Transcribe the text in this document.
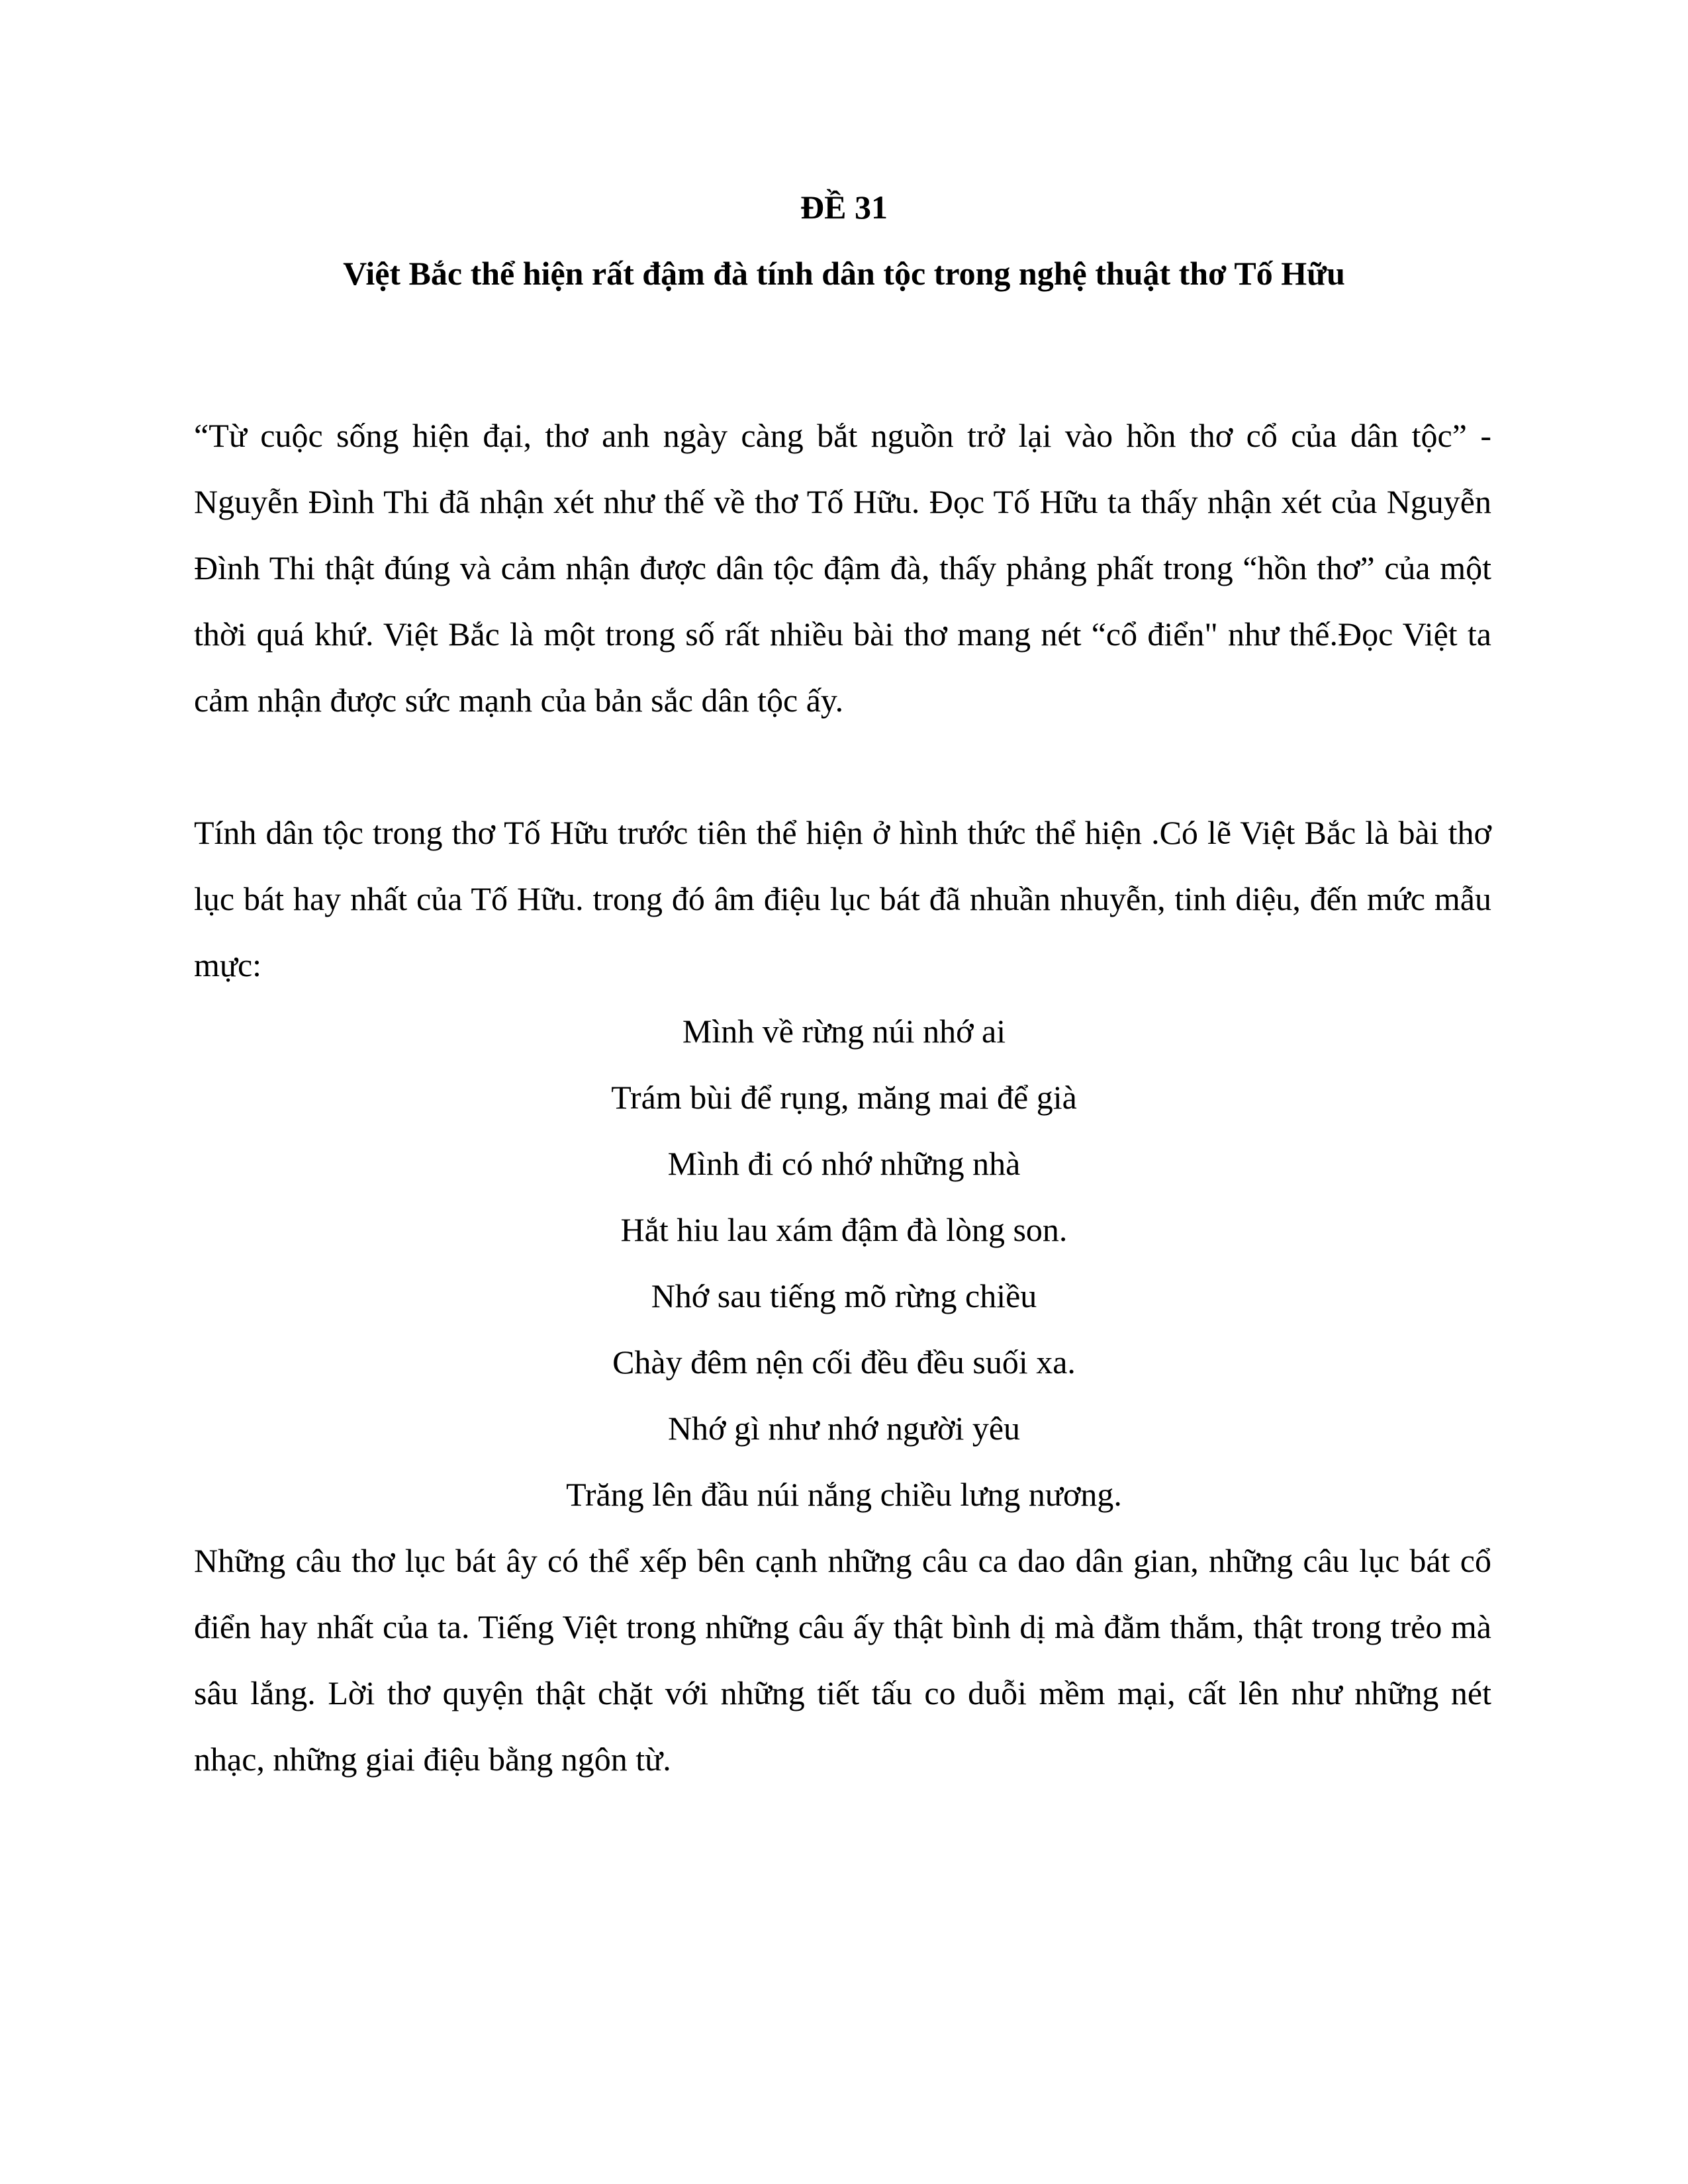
ĐỀ 31
Việt Bắc thể hiện rất đậm đà tính dân tộc trong nghệ thuật thơ Tố Hữu

“Từ cuộc sống hiện đại, thơ anh ngày càng bắt nguồn trở lại vào hồn thơ cổ của dân tộc” - Nguyễn Đình Thi đã nhận xét như thế về thơ Tố Hữu. Đọc Tố Hữu ta thấy nhận xét của Nguyễn Đình Thi thật đúng và cảm nhận được dân tộc đậm đà, thấy phảng phất trong “hồn thơ” của một thời quá khứ. Việt Bắc là một trong số rất nhiều bài thơ mang nét “cổ điển" như thế.Đọc Việt ta cảm nhận được sức mạnh của bản sắc dân tộc ấy.

Tính dân tộc trong thơ Tố Hữu trước tiên thể hiện ở hình thức thể hiện .Có lẽ Việt Bắc là bài thơ lục bát hay nhất của Tố Hữu. trong đó âm điệu lục bát đã nhuần nhuyễn, tinh diệu, đến mức mẫu mực:

Mình về rừng núi nhớ ai
Trám bùi để rụng, măng mai để già
Mình đi có nhớ những nhà
Hắt hiu lau xám đậm đà lòng son.
Nhớ sau tiếng mõ rừng chiều
Chày đêm nện cối đều đều suối xa.
Nhớ gì như nhớ người yêu
Trăng lên đầu núi nắng chiều lưng nương.

Những câu thơ lục bát ây có thể xếp bên cạnh những câu ca dao dân gian, những câu lục bát cổ điển hay nhất của ta. Tiếng Việt trong những câu ấy thật bình dị mà đằm thắm, thật trong trẻo mà sâu lắng. Lời thơ quyện thật chặt với những tiết tấu co duỗi mềm mại, cất lên như những nét nhạc, những giai điệu bằng ngôn từ.
